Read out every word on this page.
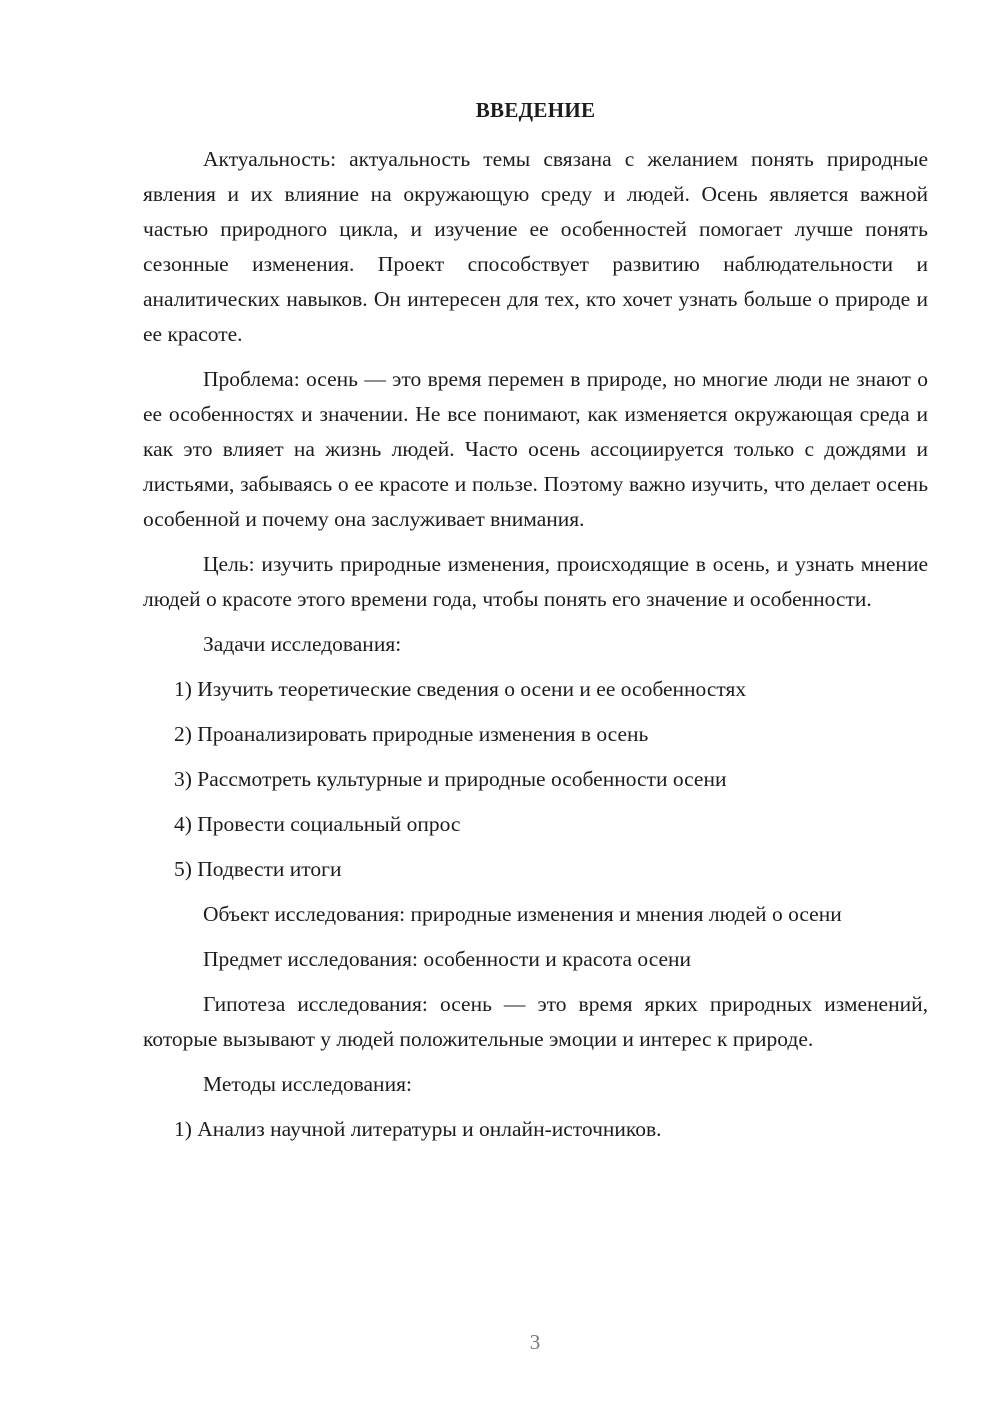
ВВЕДЕНИЕ

Актуальность: актуальность темы связана с желанием понять природные явления и их влияние на окружающую среду и людей. Осень является важной частью природного цикла, и изучение ее особенностей помогает лучше понять сезонные изменения. Проект способствует развитию наблюдательности и аналитических навыков. Он интересен для тех, кто хочет узнать больше о природе и ее красоте.

Проблема: осень — это время перемен в природе, но многие люди не знают о ее особенностях и значении. Не все понимают, как изменяется окружающая среда и как это влияет на жизнь людей. Часто осень ассоциируется только с дождями и листьями, забываясь о ее красоте и пользе. Поэтому важно изучить, что делает осень особенной и почему она заслуживает внимания.

Цель: изучить природные изменения, происходящие в осень, и узнать мнение людей о красоте этого времени года, чтобы понять его значение и особенности.

Задачи исследования:

1) Изучить теоретические сведения о осени и ее особенностях

2) Проанализировать природные изменения в осень

3) Рассмотреть культурные и природные особенности осени

4) Провести социальный опрос

5) Подвести итоги

Объект исследования: природные изменения и мнения людей о осени

Предмет исследования: особенности и красота осени

Гипотеза исследования: осень — это время ярких природных изменений, которые вызывают у людей положительные эмоции и интерес к природе.

Методы исследования:

1) Анализ научной литературы и онлайн-источников.

3
